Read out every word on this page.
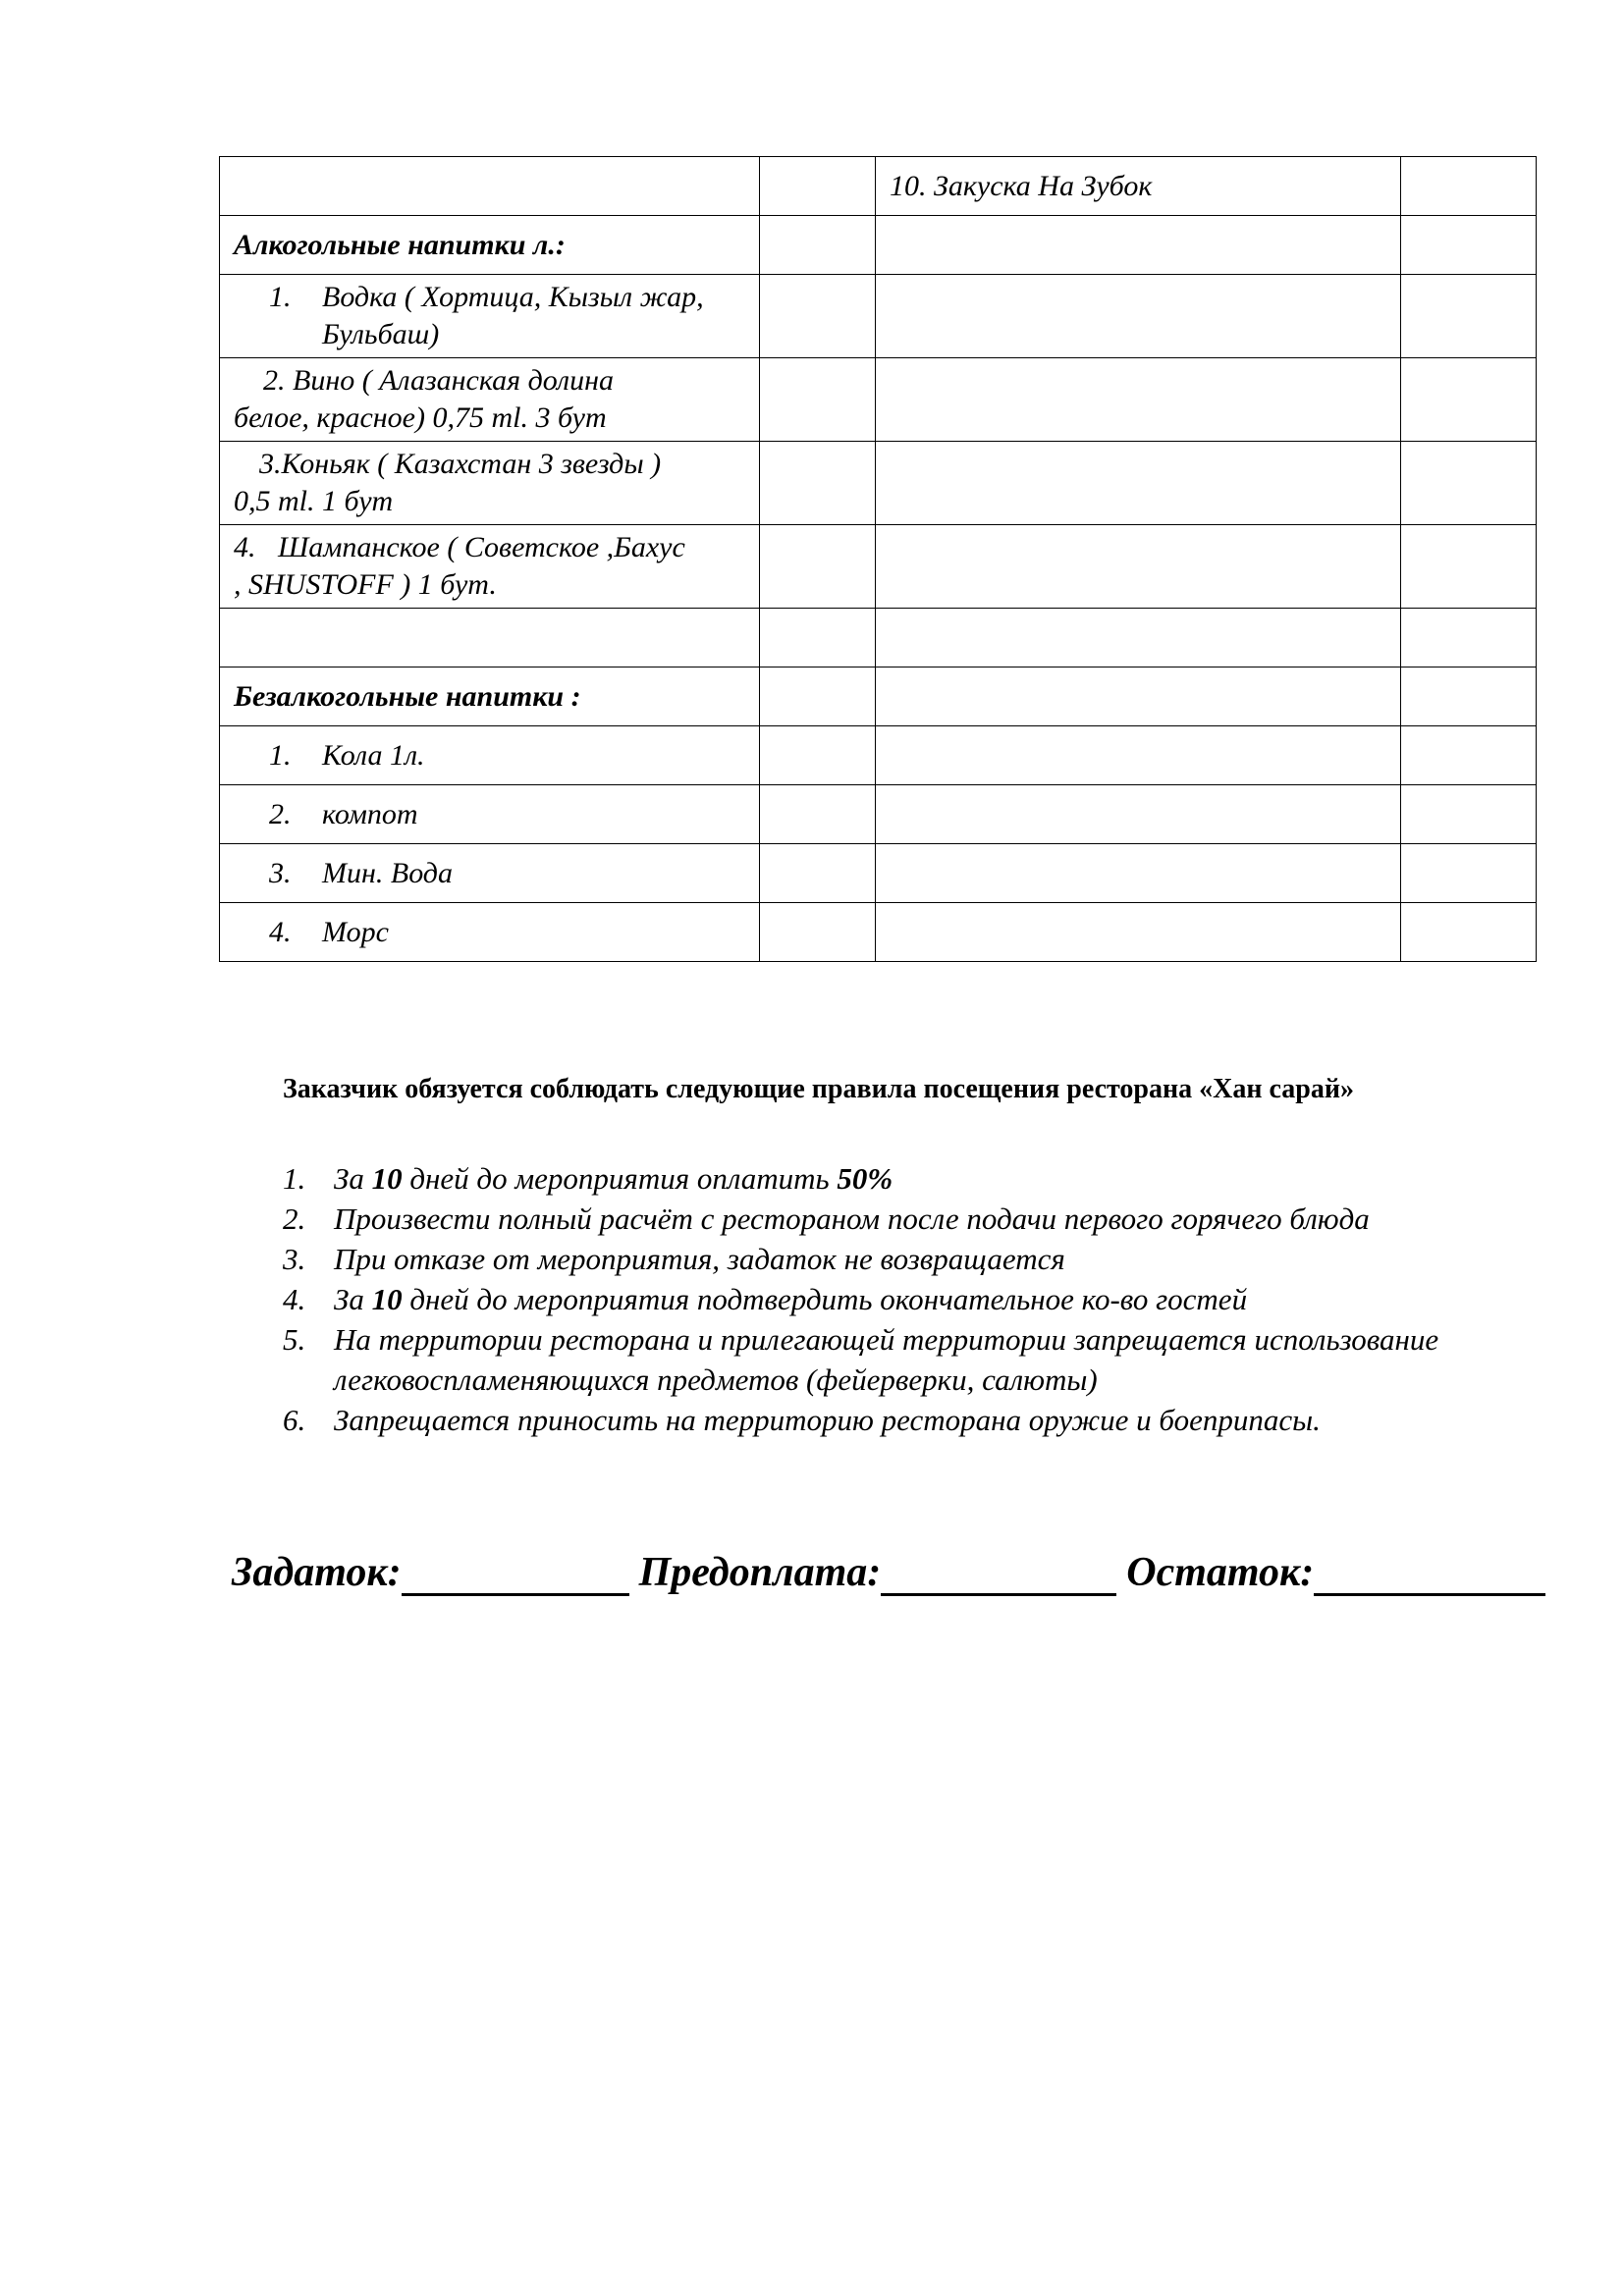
		10. Закуска На Зубок	
Алкогольные напитки л.:			

1. Водка ( Хортица, Кызыл жар, Бульбаш)			

2. Вино ( Алазанская долина
белое, красное) 0,75 ml. 3 бут			

3.Коньяк ( Казахстан 3 звезды )
0,5 ml. 1 бут			

4.   Шампанское ( Советское ,Бахус
, SHUSTOFF ) 1 бут.			

Безалкогольные напитки :			

1. Кола 1л.			

2. компот			

3. Мин. Вода			

4. Морс			

Заказчик обязуется соблюдать следующие правила посещения ресторана «Хан сарай»
1. За 10 дней до мероприятия оплатить 50%
2. Произвести полный расчёт с рестораном после подачи первого горячего блюда
3. При отказе от мероприятия, задаток не возвращается
4. За 10 дней до мероприятия подтвердить окончательное ко-во гостей
5. На территории ресторана и прилегающей территории запрещается использование легковоспламеняющихся предметов (фейерверки, салюты)
6. Запрещается приносить на территорию ресторана оружие и боеприпасы.
Задаток:	Предоплата:	Остаток:
